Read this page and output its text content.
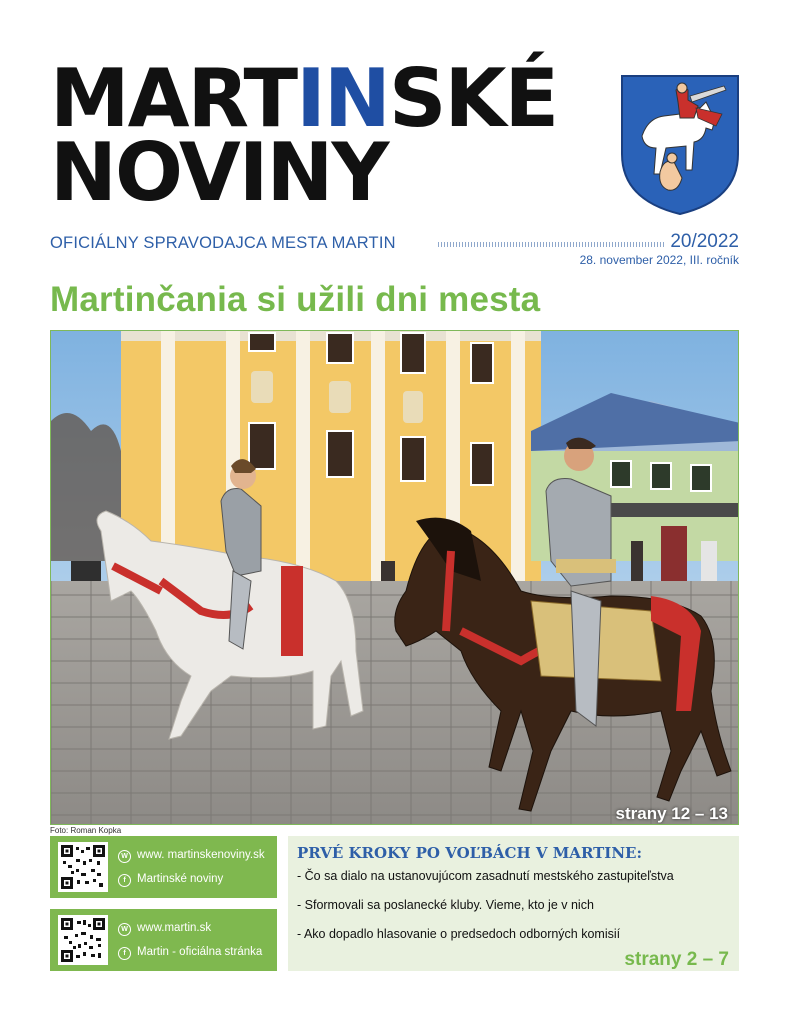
MARTINSKÉ
NOVINY
OFICIÁLNY SPRAVODAJCA MESTA MARTIN	20/2022
28. november 2022, III. ročník
Martinčania si užili dni mesta
strany 12 – 13
Foto: Roman Kopka
W www. martinskenoviny.sk
f Martinské noviny
W www.martin.sk
f Martin - oficiálna stránka
PRVÉ KROKY PO VOĽBÁCH V MARTINE:
- Čo sa dialo na ustanovujúcom zasadnutí mestského zastupiteľstva
- Sformovali sa poslanecké kluby. Vieme, kto je v nich
- Ako dopadlo hlasovanie o predsedoch odborných komisií
strany 2 – 7
